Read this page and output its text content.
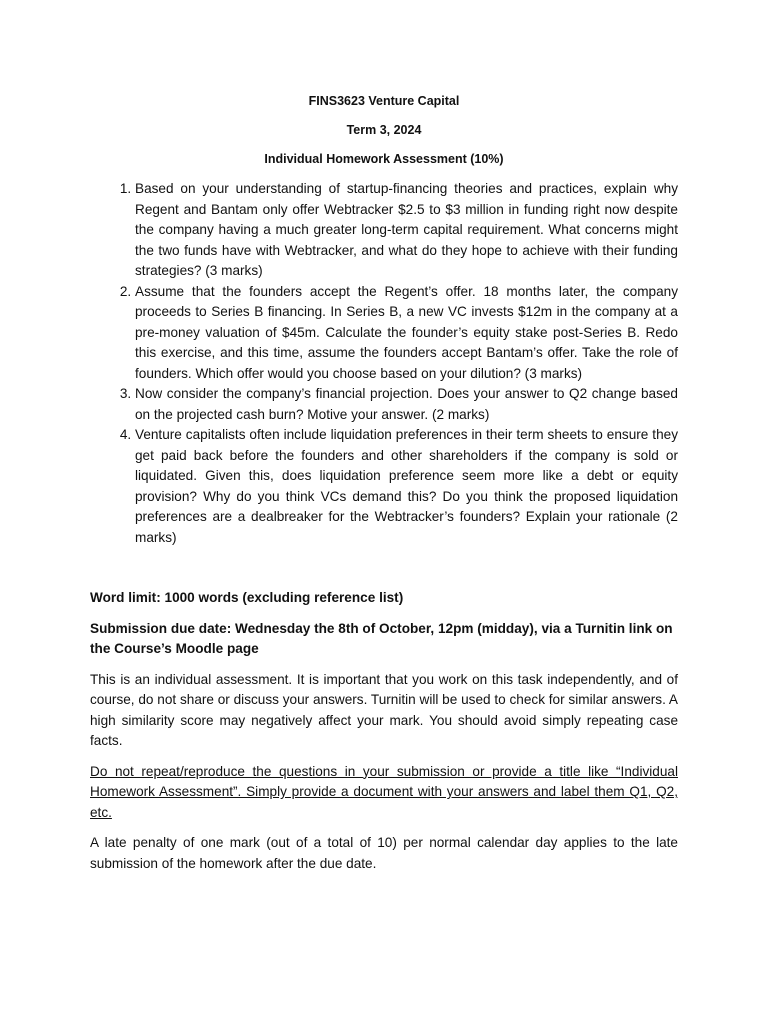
FINS3623 Venture Capital
Term 3, 2024
Individual Homework Assessment (10%)
1. Based on your understanding of startup-financing theories and practices, explain why Regent and Bantam only offer Webtracker $2.5 to $3 million in funding right now despite the company having a much greater long-term capital requirement. What concerns might the two funds have with Webtracker, and what do they hope to achieve with their funding strategies? (3 marks)
2. Assume that the founders accept the Regent’s offer. 18 months later, the company proceeds to Series B financing. In Series B, a new VC invests $12m in the company at a pre-money valuation of $45m. Calculate the founder’s equity stake post-Series B. Redo this exercise, and this time, assume the founders accept Bantam’s offer. Take the role of founders. Which offer would you choose based on your dilution? (3 marks)
3. Now consider the company’s financial projection. Does your answer to Q2 change based on the projected cash burn? Motive your answer. (2 marks)
4. Venture capitalists often include liquidation preferences in their term sheets to ensure they get paid back before the founders and other shareholders if the company is sold or liquidated. Given this, does liquidation preference seem more like a debt or equity provision? Why do you think VCs demand this? Do you think the proposed liquidation preferences are a dealbreaker for the Webtracker’s founders? Explain your rationale (2 marks)

Word limit: 1000 words (excluding reference list)

Submission due date: Wednesday the 8th of October, 12pm (midday), via a Turnitin link on the Course’s Moodle page

This is an individual assessment. It is important that you work on this task independently, and of course, do not share or discuss your answers. Turnitin will be used to check for similar answers. A high similarity score may negatively affect your mark. You should avoid simply repeating case facts.

Do not repeat/reproduce the questions in your submission or provide a title like “Individual Homework Assessment”. Simply provide a document with your answers and label them Q1, Q2, etc.

A late penalty of one mark (out of a total of 10) per normal calendar day applies to the late submission of the homework after the due date.
